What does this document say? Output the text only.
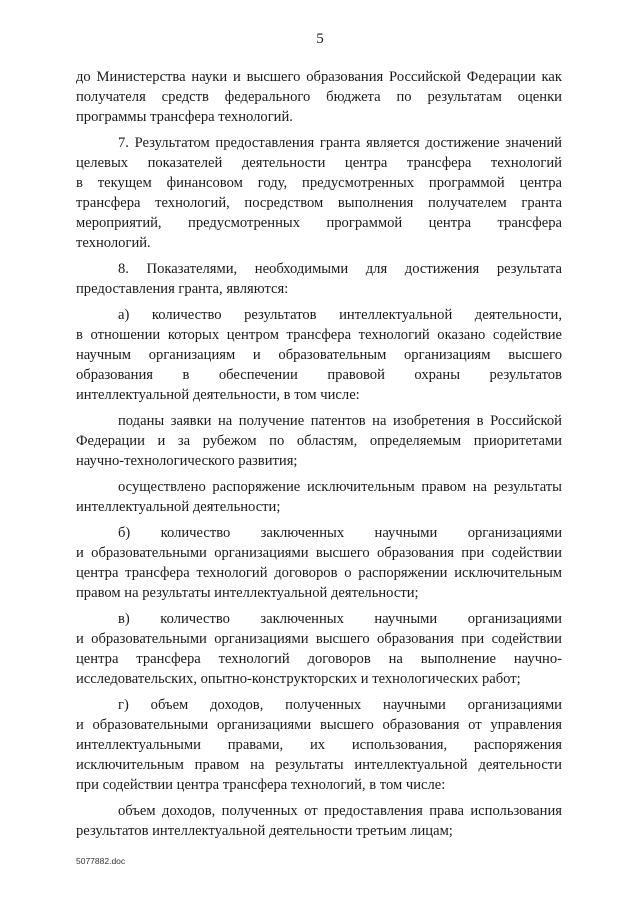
5
до Министерства науки и высшего образования Российской Федерации как
получателя средств федерального бюджета по результатам оценки
программы трансфера технологий.
7. Результатом предоставления гранта является достижение значений
целевых показателей деятельности центра трансфера технологий
в текущем финансовом году, предусмотренных программой центра
трансфера технологий, посредством выполнения получателем гранта
мероприятий, предусмотренных программой центра трансфера
технологий.
8. Показателями, необходимыми для достижения результата
предоставления гранта, являются:
а) количество результатов интеллектуальной деятельности,
в отношении которых центром трансфера технологий оказано содействие
научным организациям и образовательным организациям высшего
образования в обеспечении правовой охраны результатов
интеллектуальной деятельности, в том числе:
поданы заявки на получение патентов на изобретения в Российской
Федерации и за рубежом по областям, определяемым приоритетами
научно-технологического развития;
осуществлено распоряжение исключительным правом на результаты
интеллектуальной деятельности;
б) количество заключенных научными организациями
и образовательными организациями высшего образования при содействии
центра трансфера технологий договоров о распоряжении исключительным
правом на результаты интеллектуальной деятельности;
в) количество заключенных научными организациями
и образовательными организациями высшего образования при содействии
центра трансфера технологий договоров на выполнение научно-
исследовательских, опытно-конструкторских и технологических работ;
г) объем доходов, полученных научными организациями
и образовательными организациями высшего образования от управления
интеллектуальными правами, их использования, распоряжения
исключительным правом на результаты интеллектуальной деятельности
при содействии центра трансфера технологий, в том числе:
объем доходов, полученных от предоставления права использования
результатов интеллектуальной деятельности третьим лицам;
5077882.doc
